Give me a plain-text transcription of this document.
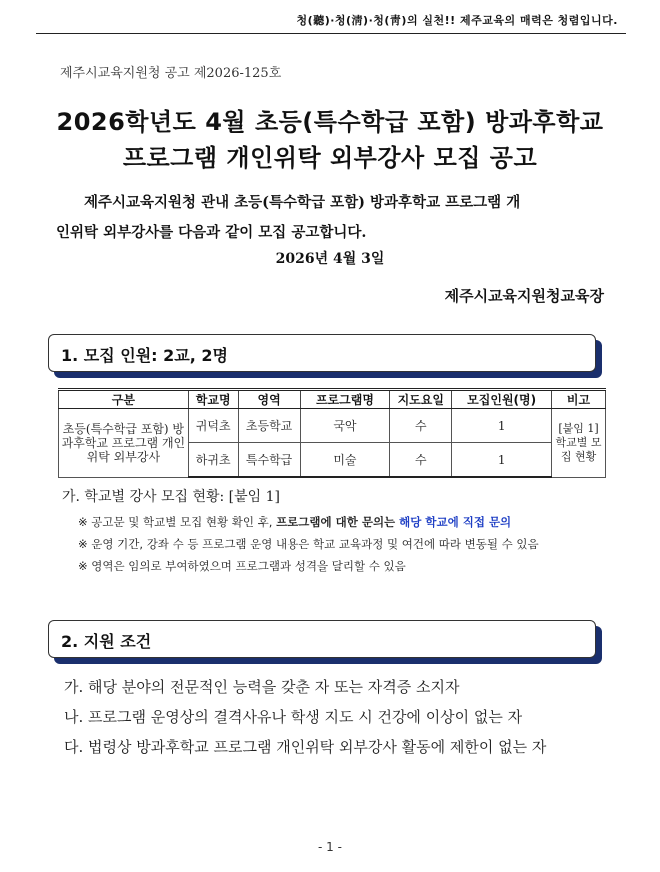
청(聽)·청(淸)·청(靑)의 실천!! 제주교육의 매력은 청렴입니다.
제주시교육지원청 공고 제2026-125호
2026학년도 4월 초등(특수학급 포함) 방과후학교
프로그램 개인위탁 외부강사 모집 공고
제주시교육지원청 관내 초등(특수학급 포함) 방과후학교 프로그램 개
인위탁 외부강사를 다음과 같이 모집 공고합니다.
2026년 4월 3일
제주시교육지원청교육장
1. 모집 인원: 2교, 2명
구분	학교명	영역	프로그램명	지도요일	모집인원(명)	비고
초등(특수학급 포함) 방과후학교 프로그램 개인위탁 외부강사	귀덕초	초등학교	국악	수	1	[붙임 1] 학교별 모집 현황
	하귀초	특수학급	미술	수	1	
가. 학교별 강사 모집 현황: [붙임 1]
※ 공고문 및 학교별 모집 현황 확인 후, 프로그램에 대한 문의는 해당 학교에 직접 문의
※ 운영 기간, 강좌 수 등 프로그램 운영 내용은 학교 교육과정 및 여건에 따라 변동될 수 있음
※ 영역은 임의로 부여하였으며 프로그램과 성격을 달리할 수 있음
2. 지원 조건
가. 해당 분야의 전문적인 능력을 갖춘 자 또는 자격증 소지자
나. 프로그램 운영상의 결격사유나 학생 지도 시 건강에 이상이 없는 자
다. 법령상 방과후학교 프로그램 개인위탁 외부강사 활동에 제한이 없는 자
- 1 -
